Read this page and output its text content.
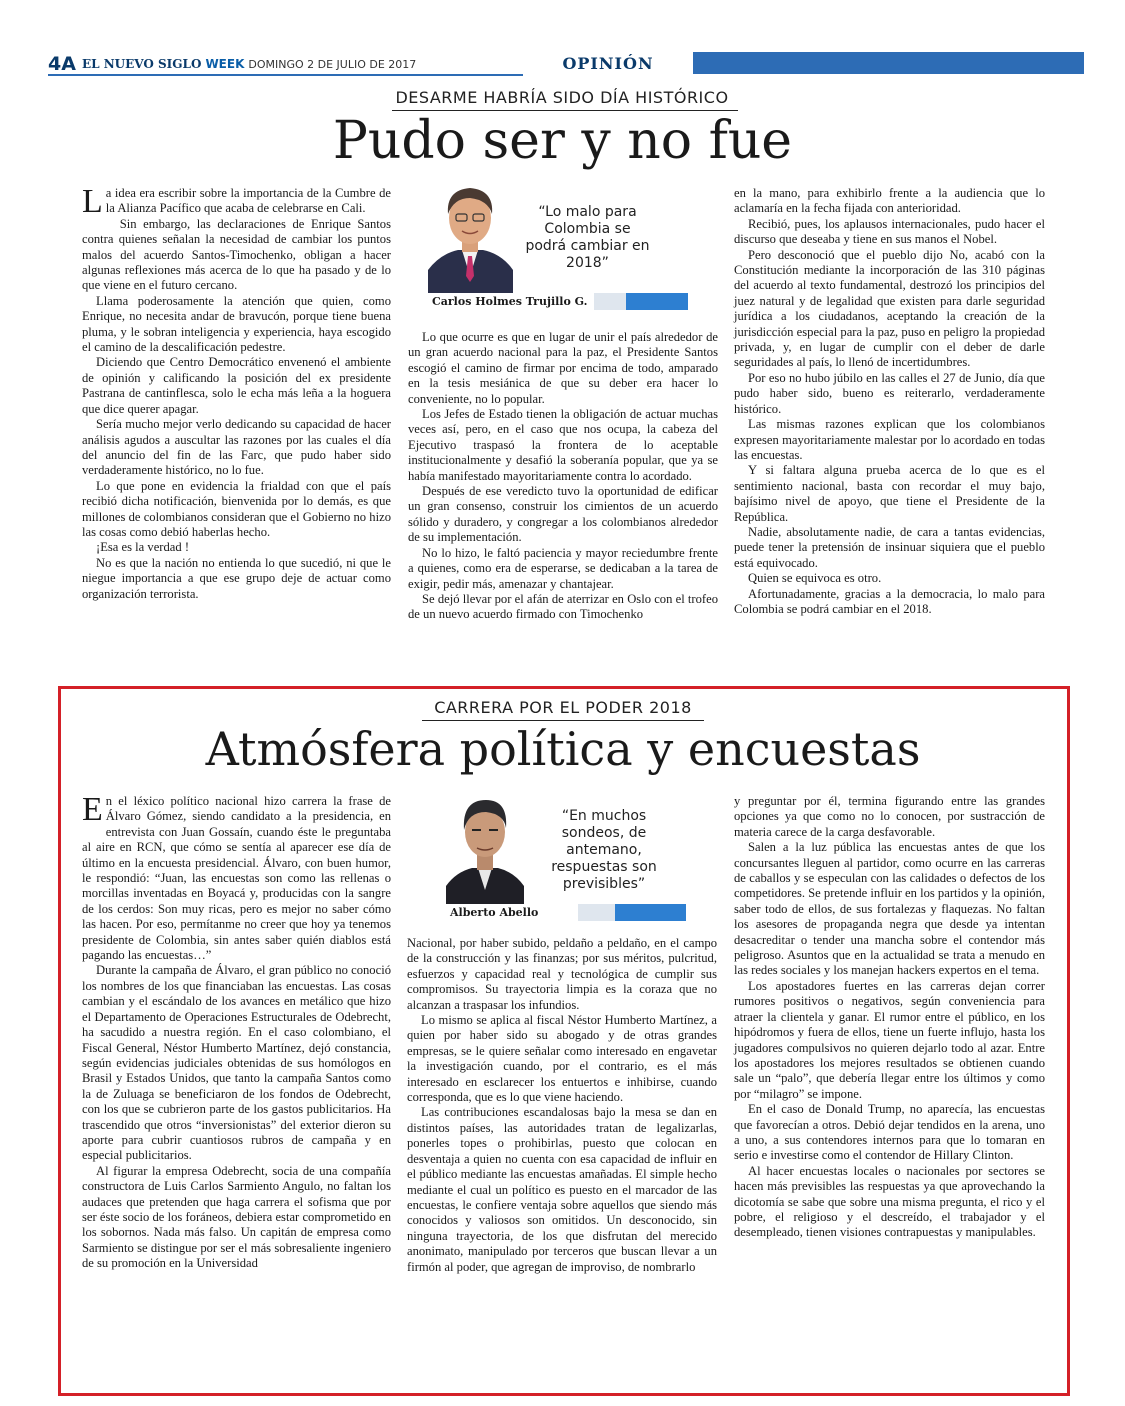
4A EL NUEVO SIGLO WEEK DOMINGO 2 DE JULIO DE 2017	OPINIÓN
DESARME HABRÍA SIDO DÍA HISTÓRICO
Pudo ser y no fue

La idea era escribir sobre la importancia de la Cumbre de la Alianza Pacífico que acaba de celebrarse en Cali.

Sin embargo, las declaraciones de Enrique Santos contra quienes señalan la necesidad de cambiar los puntos malos del acuerdo Santos-Timochenko, obligan a hacer algunas reflexiones más acerca de lo que ha pasado y de lo que viene en el futuro cercano.

Llama poderosamente la atención que quien, como Enrique, no necesita andar de bravucón, porque tiene buena pluma, y le sobran inteligencia y experiencia, haya escogido el camino de la descalificación pedestre.

Diciendo que Centro Democrático envenenó el ambiente de opinión y calificando la posición del ex presidente Pastrana de cantinflesca, solo le echa más leña a la hoguera que dice querer apagar.

Sería mucho mejor verlo dedicando su capacidad de hacer análisis agudos a auscultar las razones por las cuales el día del anuncio del fin de las Farc, que pudo haber sido verdaderamente histórico, no lo fue.

Lo que pone en evidencia la frialdad con que el país recibió dicha notificación, bienvenida por lo demás, es que millones de colombianos consideran que el Gobierno no hizo las cosas como debió haberlas hecho.

¡Esa es la verdad !

No es que la nación no entienda lo que sucedió, ni que le niegue importancia a que ese grupo deje de actuar como organización terrorista.

“Lo malo para Colombia se podrá cambiar en 2018”
Carlos Holmes Trujillo G.

Lo que ocurre es que en lugar de unir el país alrededor de un gran acuerdo nacional para la paz, el Presidente Santos escogió el camino de firmar por encima de todo, amparado en la tesis mesiánica de que su deber era hacer lo conveniente, no lo popular.

Los Jefes de Estado tienen la obligación de actuar muchas veces así, pero, en el caso que nos ocupa, la cabeza del Ejecutivo traspasó la frontera de lo aceptable institucionalmente y desafió la soberanía popular, que ya se había manifestado mayoritariamente contra lo acordado.

Después de ese veredicto tuvo la oportunidad de edificar un gran consenso, construir los cimientos de un acuerdo sólido y duradero, y congregar a los colombianos alrededor de su implementación.

No lo hizo, le faltó paciencia y mayor reciedumbre frente a quienes, como era de esperarse, se dedicaban a la tarea de exigir, pedir más, amenazar y chantajear.

Se dejó llevar por el afán de aterrizar en Oslo con el trofeo de un nuevo acuerdo firmado con Timochenko

en la mano, para exhibirlo frente a la audiencia que lo aclamaría en la fecha fijada con anterioridad.

Recibió, pues, los aplausos internacionales, pudo hacer el discurso que deseaba y tiene en sus manos el Nobel.

Pero desconoció que el pueblo dijo No, acabó con la Constitución mediante la incorporación de las 310 páginas del acuerdo al texto fundamental, destrozó los principios del juez natural y de legalidad que existen para darle seguridad jurídica a los ciudadanos, aceptando la creación de la jurisdicción especial para la paz, puso en peligro la propiedad privada, y, en lugar de cumplir con el deber de darle seguridades al país, lo llenó de incertidumbres.

Por eso no hubo júbilo en las calles el 27 de Junio, día que pudo haber sido, bueno es reiterarlo, verdaderamente histórico.

Las mismas razones explican que los colombianos expresen mayoritariamente malestar por lo acordado en todas las encuestas.

Y si faltara alguna prueba acerca de lo que es el sentimiento nacional, basta con recordar el muy bajo, bajísimo nivel de apoyo, que tiene el Presidente de la República.

Nadie, absolutamente nadie, de cara a tantas evidencias, puede tener la pretensión de insinuar siquiera que el pueblo está equivocado.

Quien se equivoca es otro.

Afortunadamente, gracias a la democracia, lo malo para Colombia se podrá cambiar en el 2018.

CARRERA POR EL PODER 2018
Atmósfera política y encuestas

En el léxico político nacional hizo carrera la frase de Álvaro Gómez, siendo candidato a la presidencia, en entrevista con Juan Gossaín, cuando éste le preguntaba al aire en RCN, que cómo se sentía al aparecer ese día de último en la encuesta presidencial. Álvaro, con buen humor, le respondió: “Juan, las encuestas son como las rellenas o morcillas inventadas en Boyacá y, producidas con la sangre de los cerdos: Son muy ricas, pero es mejor no saber cómo las hacen. Por eso, permítanme no creer que hoy ya tenemos presidente de Colombia, sin antes saber quién diablos está pagando las encuestas…”

Durante la campaña de Álvaro, el gran público no conoció los nombres de los que financiaban las encuestas. Las cosas cambian y el escándalo de los avances en metálico que hizo el Departamento de Operaciones Estructurales de Odebrecht, ha sacudido a nuestra región. En el caso colombiano, el Fiscal General, Néstor Humberto Martínez, dejó constancia, según evidencias judiciales obtenidas de sus homólogos en Brasil y Estados Unidos, que tanto la campaña Santos como la de Zuluaga se beneficiaron de los fondos de Odebrecht, con los que se cubrieron parte de los gastos publicitarios. Ha trascendido que otros “inversionistas” del exterior dieron su aporte para cubrir cuantiosos rubros de campaña y en especial publicitarios.

Al figurar la empresa Odebrecht, socia de una compañía constructora de Luis Carlos Sarmiento Angulo, no faltan los audaces que pretenden que haga carrera el sofisma que por ser éste socio de los foráneos, debiera estar comprometido en los sobornos. Nada más falso. Un capitán de empresa como Sarmiento se distingue por ser el más sobresaliente ingeniero de su promoción en la Universidad

“En muchos sondeos, de antemano, respuestas son previsibles”
Alberto Abello

Nacional, por haber subido, peldaño a peldaño, en el campo de la construcción y las finanzas; por sus méritos, pulcritud, esfuerzos y capacidad real y tecnológica de cumplir sus compromisos. Su trayectoria limpia es la coraza que no alcanzan a traspasar los infundios.

Lo mismo se aplica al fiscal Néstor Humberto Martínez, a quien por haber sido su abogado y de otras grandes empresas, se le quiere señalar como interesado en engavetar la investigación cuando, por el contrario, es el más interesado en esclarecer los entuertos e inhibirse, cuando corresponda, que es lo que viene haciendo.

Las contribuciones escandalosas bajo la mesa se dan en distintos países, las autoridades tratan de legalizarlas, ponerles topes o prohibirlas, puesto que colocan en desventaja a quien no cuenta con esa capacidad de influir en el público mediante las encuestas amañadas. El simple hecho mediante el cual un político es puesto en el marcador de las encuestas, le confiere ventaja sobre aquellos que siendo más conocidos y valiosos son omitidos. Un desconocido, sin ninguna trayectoria, de los que disfrutan del merecido anonimato, manipulado por terceros que buscan llevar a un firmón al poder, que agregan de improviso, de nombrarlo

y preguntar por él, termina figurando entre las grandes opciones ya que como no lo conocen, por sustracción de materia carece de la carga desfavorable.

Salen a la luz pública las encuestas antes de que los concursantes lleguen al partidor, como ocurre en las carreras de caballos y se especulan con las calidades o defectos de los competidores. Se pretende influir en los partidos y la opinión, saber todo de ellos, de sus fortalezas y flaquezas. No faltan los asesores de propaganda negra que desde ya intentan desacreditar o tender una mancha sobre el contendor más peligroso. Asuntos que en la actualidad se trata a menudo en las redes sociales y los manejan hackers expertos en el tema.

Los apostadores fuertes en las carreras dejan correr rumores positivos o negativos, según conveniencia para atraer la clientela y ganar. El rumor entre el público, en los hipódromos y fuera de ellos, tiene un fuerte influjo, hasta los jugadores compulsivos no quieren dejarlo todo al azar. Entre los apostadores los mejores resultados se obtienen cuando sale un “palo”, que debería llegar entre los últimos y como por “milagro” se impone.

En el caso de Donald Trump, no aparecía, las encuestas que favorecían a otros. Debió dejar tendidos en la arena, uno a uno, a sus contendores internos para que lo tomaran en serio e investirse como el contendor de Hillary Clinton.

Al hacer encuestas locales o nacionales por sectores se hacen más previsibles las respuestas ya que aprovechando la dicotomía se sabe que sobre una misma pregunta, el rico y el pobre, el religioso y el descreído, el trabajador y el desempleado, tienen visiones contrapuestas y manipulables.
